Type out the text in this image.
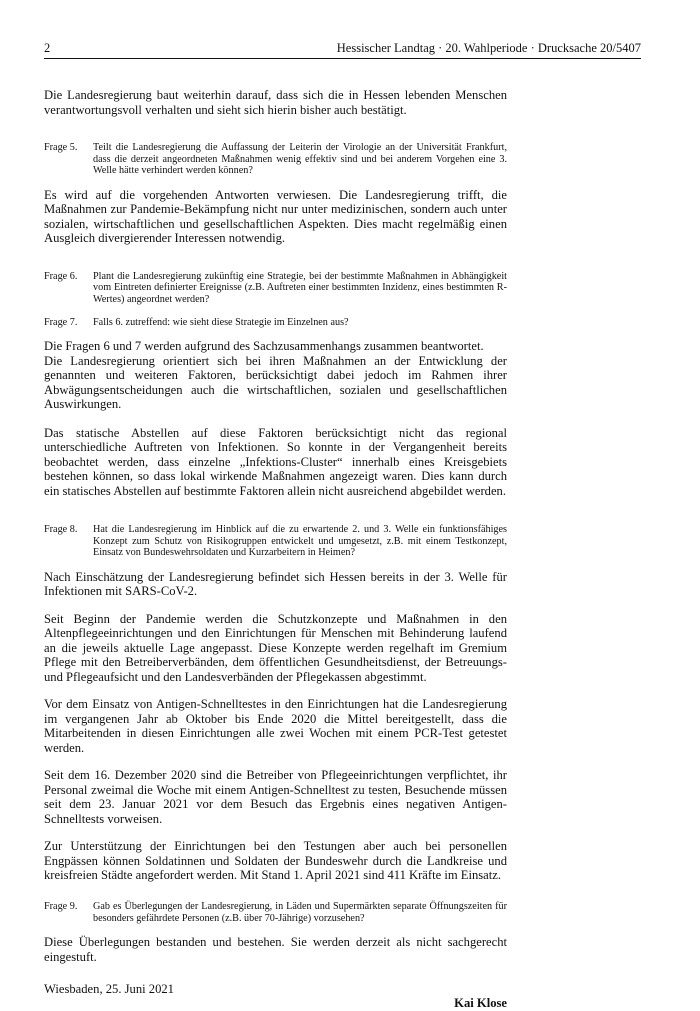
2	Hessischer Landtag · 20. Wahlperiode · Drucksache 20/5407

Die Landesregierung baut weiterhin darauf, dass sich die in Hessen lebenden Menschen verantwortungsvoll verhalten und sieht sich hierin bisher auch bestätigt.

Frage 5.	Teilt die Landesregierung die Auffassung der Leiterin der Virologie an der Universität Frankfurt, dass die derzeit angeordneten Maßnahmen wenig effektiv sind und bei anderem Vorgehen eine 3. Welle hätte verhindert werden können?

Es wird auf die vorgehenden Antworten verwiesen. Die Landesregierung trifft, die Maßnahmen zur Pandemie-Bekämpfung nicht nur unter medizinischen, sondern auch unter sozialen, wirtschaftlichen und gesellschaftlichen Aspekten. Dies macht regelmäßig einen Ausgleich divergierender Interessen notwendig.

Frage 6.	Plant die Landesregierung zukünftig eine Strategie, bei der bestimmte Maßnahmen in Abhängigkeit vom Eintreten definierter Ereignisse (z.B. Auftreten einer bestimmten Inzidenz, eines bestimmten R-Wertes) angeordnet werden?
Frage 7.	Falls 6. zutreffend: wie sieht diese Strategie im Einzelnen aus?

Die Fragen 6 und 7 werden aufgrund des Sachzusammenhangs zusammen beantwortet.

Die Landesregierung orientiert sich bei ihren Maßnahmen an der Entwicklung der genannten und weiteren Faktoren, berücksichtigt dabei jedoch im Rahmen ihrer Abwägungsentscheidungen auch die wirtschaftlichen, sozialen und gesellschaftlichen Auswirkungen.

Das statische Abstellen auf diese Faktoren berücksichtigt nicht das regional unterschiedliche Auftreten von Infektionen. So konnte in der Vergangenheit bereits beobachtet werden, dass einzelne „Infektions-Cluster“ innerhalb eines Kreisgebiets bestehen können, so dass lokal wirkende Maßnahmen angezeigt waren. Dies kann durch ein statisches Abstellen auf bestimmte Faktoren allein nicht ausreichend abgebildet werden.

Frage 8.	Hat die Landesregierung im Hinblick auf die zu erwartende 2. und 3. Welle ein funktionsfähiges Konzept zum Schutz von Risikogruppen entwickelt und umgesetzt, z.B. mit einem Testkonzept, Einsatz von Bundeswehrsoldaten und Kurzarbeitern in Heimen?

Nach Einschätzung der Landesregierung befindet sich Hessen bereits in der 3. Welle für Infektionen mit SARS-CoV-2.

Seit Beginn der Pandemie werden die Schutzkonzepte und Maßnahmen in den Altenpflegeeinrichtungen und den Einrichtungen für Menschen mit Behinderung laufend an die jeweils aktuelle Lage angepasst. Diese Konzepte werden regelhaft im Gremium Pflege mit den Betreiberverbänden, dem öffentlichen Gesundheitsdienst, der Betreuungs-und Pflegeaufsicht und den Landesverbänden der Pflegekassen abgestimmt.

Vor dem Einsatz von Antigen-Schnelltestes in den Einrichtungen hat die Landesregierung im vergangenen Jahr ab Oktober bis Ende 2020 die Mittel bereitgestellt, dass die Mitarbeitenden in diesen Einrichtungen alle zwei Wochen mit einem PCR-Test getestet werden.

Seit dem 16. Dezember 2020 sind die Betreiber von Pflegeeinrichtungen verpflichtet, ihr Personal zweimal die Woche mit einem Antigen-Schnelltest zu testen, Besuchende müssen seit dem 23. Januar 2021 vor dem Besuch das Ergebnis eines negativen Antigen-Schnelltests vorweisen.

Zur Unterstützung der Einrichtungen bei den Testungen aber auch bei personellen Engpässen können Soldatinnen und Soldaten der Bundeswehr durch die Landkreise und kreisfreien Städte angefordert werden. Mit Stand 1. April 2021 sind 411 Kräfte im Einsatz.

Frage 9.	Gab es Überlegungen der Landesregierung, in Läden und Supermärkten separate Öffnungszeiten für besonders gefährdete Personen (z.B. über 70-Jährige) vorzusehen?

Diese Überlegungen bestanden und bestehen. Sie werden derzeit als nicht sachgerecht eingestuft.

Wiesbaden, 25. Juni 2021
Kai Klose
